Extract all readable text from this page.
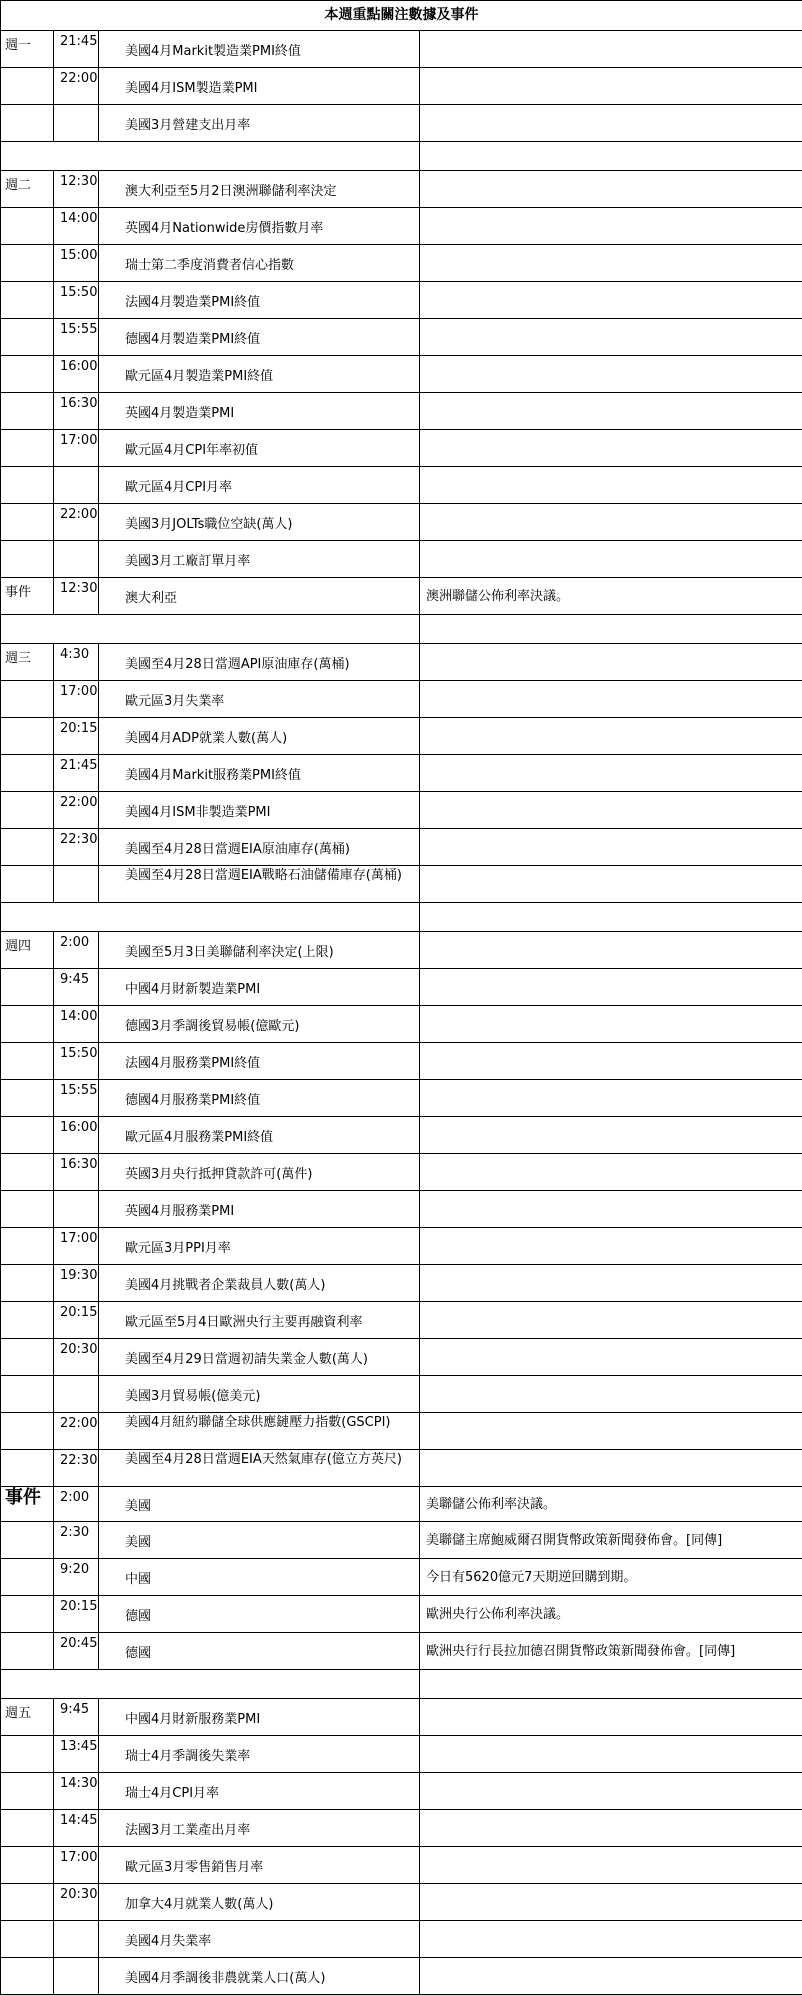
本週重點關注數據及事件			
週一	21:45	美國4月Markit製造業PMI終值	
	22:00	美國4月ISM製造業PMI	
		美國3月營建支出月率	

週二	12:30	澳大利亞至5月2日澳洲聯儲利率決定	
	14:00	英國4月Nationwide房價指數月率	
	15:00	瑞士第二季度消費者信心指數	
	15:50	法國4月製造業PMI終值	
	15:55	德國4月製造業PMI終值	
	16:00	歐元區4月製造業PMI終值	
	16:30	英國4月製造業PMI	
	17:00	歐元區4月CPI年率初值	
		歐元區4月CPI月率	
	22:00	美國3月JOLTs職位空缺(萬人)	
		美國3月工廠訂單月率	
事件	12:30	澳大利亞	澳洲聯儲公佈利率決議。

週三	4:30	美國至4月28日當週API原油庫存(萬桶)	
	17:00	歐元區3月失業率	
	20:15	美國4月ADP就業人數(萬人)	
	21:45	美國4月Markit服務業PMI終值	
	22:00	美國4月ISM非製造業PMI	
	22:30	美國至4月28日當週EIA原油庫存(萬桶)	
		美國至4月28日當週EIA戰略石油儲備庫存(萬桶)	

週四	2:00	美國至5月3日美聯儲利率決定(上限)	
	9:45	中國4月財新製造業PMI	
	14:00	德國3月季調後貿易帳(億歐元)	
	15:50	法國4月服務業PMI終值	
	15:55	德國4月服務業PMI終值	
	16:00	歐元區4月服務業PMI終值	
	16:30	英國3月央行抵押貸款許可(萬件)	
		英國4月服務業PMI	
	17:00	歐元區3月PPI月率	
	19:30	美國4月挑戰者企業裁員人數(萬人)	
	20:15	歐元區至5月4日歐洲央行主要再融資利率	
	20:30	美國至4月29日當週初請失業金人數(萬人)	
		美國3月貿易帳(億美元)	
	22:00	美國4月紐約聯儲全球供應鏈壓力指數(GSCPI)	
	22:30	美國至4月28日當週EIA天然氣庫存(億立方英尺)	
事件	2:00	美國	美聯儲公佈利率決議。
	2:30	美國	美聯儲主席鮑威爾召開貨幣政策新聞發佈會。[同傳]
	9:20	中國	今日有5620億元7天期逆回購到期。
	20:15	德國	歐洲央行公佈利率決議。
	20:45	德國	歐洲央行行長拉加德召開貨幣政策新聞發佈會。[同傳]

週五	9:45	中國4月財新服務業PMI	
	13:45	瑞士4月季調後失業率	
	14:30	瑞士4月CPI月率	
	14:45	法國3月工業產出月率	
	17:00	歐元區3月零售銷售月率	
	20:30	加拿大4月就業人數(萬人)	
		美國4月失業率	
		美國4月季調後非農就業人口(萬人)	
